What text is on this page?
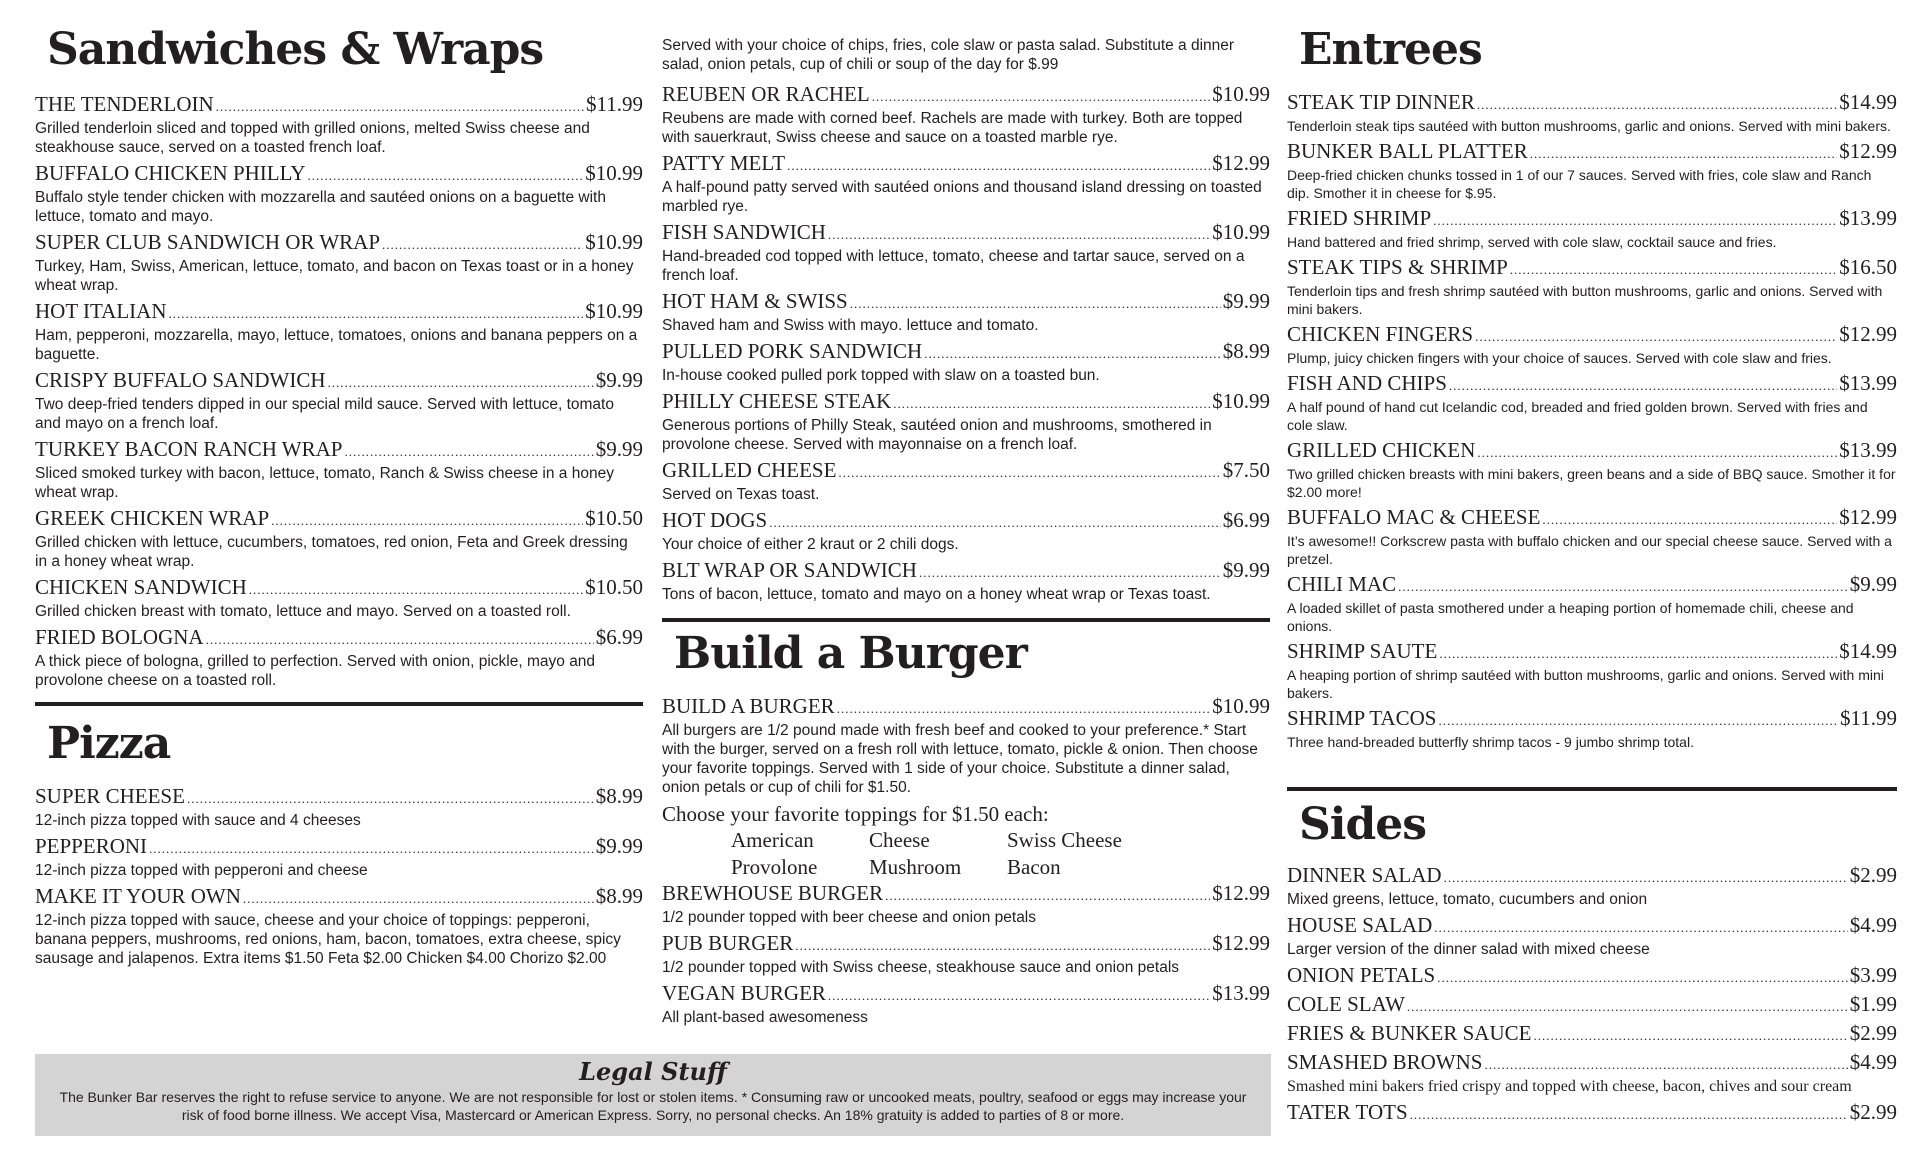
Sandwiches & Wraps
THE TENDERLOIN .....	$11.99
Grilled tenderloin sliced and topped with grilled onions, melted Swiss cheese and steakhouse sauce, served on a toasted french loaf.
BUFFALO CHICKEN PHILLY .....	$10.99
Buffalo style tender chicken with mozzarella and sautéed onions on a baguette with lettuce, tomato and mayo.
SUPER CLUB SANDWICH OR WRAP .....	$10.99
Turkey, Ham, Swiss, American, lettuce, tomato, and bacon on Texas toast or in a honey wheat wrap.
HOT ITALIAN .....	$10.99
Ham, pepperoni, mozzarella, mayo, lettuce, tomatoes, onions and banana peppers on a baguette.
CRISPY BUFFALO SANDWICH .....	$9.99
Two deep-fried tenders dipped in our special mild sauce. Served with lettuce, tomato and mayo on a french loaf.
TURKEY BACON RANCH WRAP .....	$9.99
Sliced smoked turkey with bacon, lettuce, tomato, Ranch & Swiss cheese in a honey wheat wrap.
GREEK CHICKEN WRAP .....	$10.50
Grilled chicken with lettuce, cucumbers, tomatoes, red onion, Feta and Greek dressing in a honey wheat wrap.
CHICKEN SANDWICH .....	$10.50
Grilled chicken breast with tomato, lettuce and mayo. Served on a toasted roll.
FRIED BOLOGNA .....	$6.99
A thick piece of bologna, grilled to perfection. Served with onion, pickle, mayo and provolone cheese on a toasted roll.
Pizza
SUPER CHEESE .....	$8.99
12-inch pizza topped with sauce and 4 cheeses
PEPPERONI .....	$9.99
12-inch pizza topped with pepperoni and cheese
MAKE IT YOUR OWN .....	$8.99
12-inch pizza topped with sauce, cheese and your choice of toppings: pepperoni, banana peppers, mushrooms, red onions, ham, bacon, tomatoes, extra cheese, spicy sausage and jalapenos. Extra items $1.50 Feta $2.00 Chicken $4.00 Chorizo $2.00

Served with your choice of chips, fries, cole slaw or pasta salad. Substitute a dinner salad, onion petals, cup of chili or soup of the day for $.99

REUBEN OR RACHEL .....	$10.99
Reubens are made with corned beef. Rachels are made with turkey. Both are topped with sauerkraut, Swiss cheese and sauce on a toasted marble rye.
PATTY MELT .....	$12.99
A half-pound patty served with sautéed onions and thousand island dressing on toasted marbled rye.
FISH SANDWICH .....	$10.99
Hand-breaded cod topped with lettuce, tomato, cheese and tartar sauce, served on a french loaf.
HOT HAM & SWISS .....	$9.99
Shaved ham and Swiss with mayo. lettuce and tomato.
PULLED PORK SANDWICH .....	$8.99
In-house cooked pulled pork topped with slaw on a toasted bun.
PHILLY CHEESE STEAK .....	$10.99
Generous portions of Philly Steak, sautéed onion and mushrooms, smothered in provolone cheese. Served with mayonnaise on a french loaf.
GRILLED CHEESE .....	$7.50
Served on Texas toast.
HOT DOGS .....	$6.99
Your choice of either 2 kraut or 2 chili dogs.
BLT WRAP OR SANDWICH .....	$9.99
Tons of bacon, lettuce, tomato and mayo on a honey wheat wrap or Texas toast.
Build a Burger
BUILD A BURGER .....	$10.99
All burgers are 1/2 pound made with fresh beef and cooked to your preference.* Start with the burger, served on a fresh roll with lettuce, tomato, pickle & onion. Then choose your favorite toppings. Served with 1 side of your choice. Substitute a dinner salad, onion petals or cup of chili for $1.50.
Choose your favorite toppings for $1.50 each:
American	Cheese	Swiss Cheese
Provolone	Mushroom	Bacon
BREWHOUSE BURGER .....	$12.99
1/2 pounder topped with beer cheese and onion petals
PUB BURGER .....	$12.99
1/2 pounder topped with Swiss cheese, steakhouse sauce and onion petals
VEGAN BURGER .....	$13.99
All plant-based awesomeness
Entrees
STEAK TIP DINNER .....	$14.99
Tenderloin steak tips sautéed with button mushrooms, garlic and onions. Served with mini bakers.
BUNKER BALL PLATTER .....	$12.99
Deep-fried chicken chunks tossed in 1 of our 7 sauces. Served with fries, cole slaw and Ranch dip. Smother it in cheese for $.95.
FRIED SHRIMP .....	$13.99
Hand battered and fried shrimp, served with cole slaw, cocktail sauce and fries.
STEAK TIPS & SHRIMP .....	$16.50
Tenderloin tips and fresh shrimp sautéed with button mushrooms, garlic and onions. Served with mini bakers.
CHICKEN FINGERS .....	$12.99
Plump, juicy chicken fingers with your choice of sauces. Served with cole slaw and fries.
FISH AND CHIPS .....	$13.99
A half pound of hand cut Icelandic cod, breaded and fried golden brown. Served with fries and cole slaw.
GRILLED CHICKEN .....	$13.99
Two grilled chicken breasts with mini bakers, green beans and a side of BBQ sauce. Smother it for $2.00 more!
BUFFALO MAC & CHEESE .....	$12.99
It’s awesome!! Corkscrew pasta with buffalo chicken and our special cheese sauce. Served with a pretzel.
CHILI MAC .....	$9.99
A loaded skillet of pasta smothered under a heaping portion of homemade chili, cheese and onions.
SHRIMP SAUTE .....	$14.99
A heaping portion of shrimp sautéed with button mushrooms, garlic and onions. Served with mini bakers.
SHRIMP TACOS .....	$11.99
Three hand-breaded butterfly shrimp tacos - 9 jumbo shrimp total.
Sides
DINNER SALAD .....	$2.99
Mixed greens, lettuce, tomato, cucumbers and onion
HOUSE SALAD .....	$4.99
Larger version of the dinner salad with mixed cheese
ONION PETALS .....	$3.99
COLE SLAW .....	$1.99
FRIES & BUNKER SAUCE .....	$2.99
SMASHED BROWNS .....	$4.99
Smashed mini bakers fried crispy and topped with cheese, bacon, chives and sour cream
TATER TOTS .....	$2.99
Legal Stuff
The Bunker Bar reserves the right to refuse service to anyone. We are not responsible for lost or stolen items. * Consuming raw or uncooked meats, poultry, seafood or eggs may increase your risk of food borne illness. We accept Visa, Mastercard or American Express. Sorry, no personal checks. An 18% gratuity is added to parties of 8 or more.
